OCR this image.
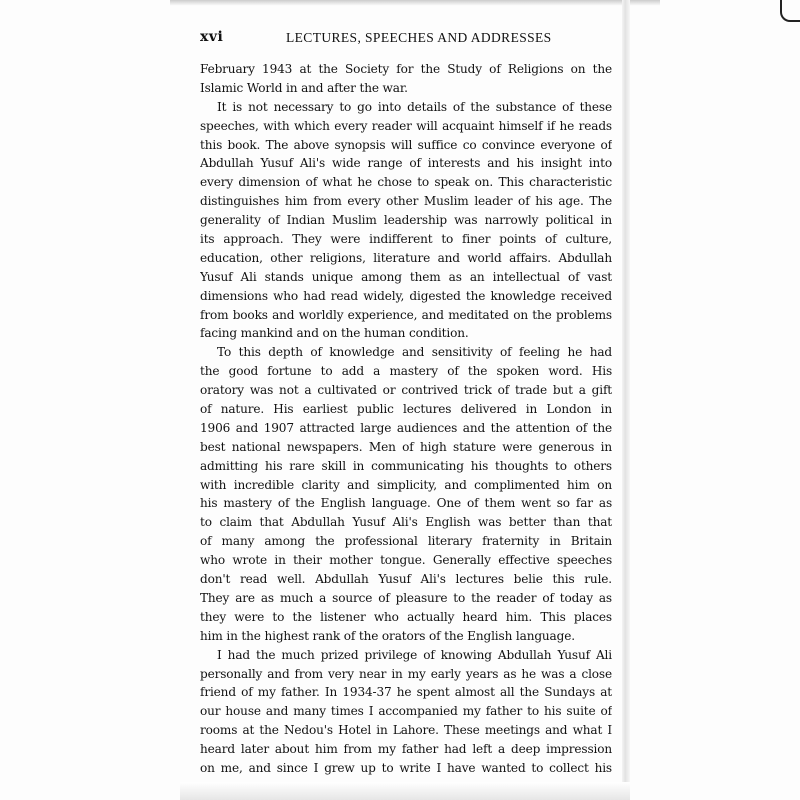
xvi	LECTURES, SPEECHES AND ADDRESSES
February 1943 at the Society for the Study of Religions on the
Islamic World in and after the war.
It is not necessary to go into details of the substance of these
speeches, with which every reader will acquaint himself if he reads
this book. The above synopsis will suffice co convince everyone of
Abdullah Yusuf Ali's wide range of interests and his insight into
every dimension of what he chose to speak on. This characteristic
distinguishes him from every other Muslim leader of his age. The
generality of Indian Muslim leadership was narrowly political in
its approach. They were indifferent to finer points of culture,
education, other religions, literature and world affairs. Abdullah
Yusuf Ali stands unique among them as an intellectual of vast
dimensions who had read widely, digested the knowledge received
from books and worldly experience, and meditated on the problems
facing mankind and on the human condition.
To this depth of knowledge and sensitivity of feeling he had
the good fortune to add a mastery of the spoken word. His
oratory was not a cultivated or contrived trick of trade but a gift
of nature. His earliest public lectures delivered in London in
1906 and 1907 attracted large audiences and the attention of the
best national newspapers. Men of high stature were generous in
admitting his rare skill in communicating his thoughts to others
with incredible clarity and simplicity, and complimented him on
his mastery of the English language. One of them went so far as
to claim that Abdullah Yusuf Ali's English was better than that
of many among the professional literary fraternity in Britain
who wrote in their mother tongue. Generally effective speeches
don't read well. Abdullah Yusuf Ali's lectures belie this rule.
They are as much a source of pleasure to the reader of today as
they were to the listener who actually heard him. This places
him in the highest rank of the orators of the English language.
I had the much prized privilege of knowing Abdullah Yusuf Ali
personally and from very near in my early years as he was a close
friend of my father. In 1934-37 he spent almost all the Sundays at
our house and many times I accompanied my father to his suite of
rooms at the Nedou's Hotel in Lahore. These meetings and what I
heard later about him from my father had left a deep impression
on me, and since I grew up to write I have wanted to collect his
